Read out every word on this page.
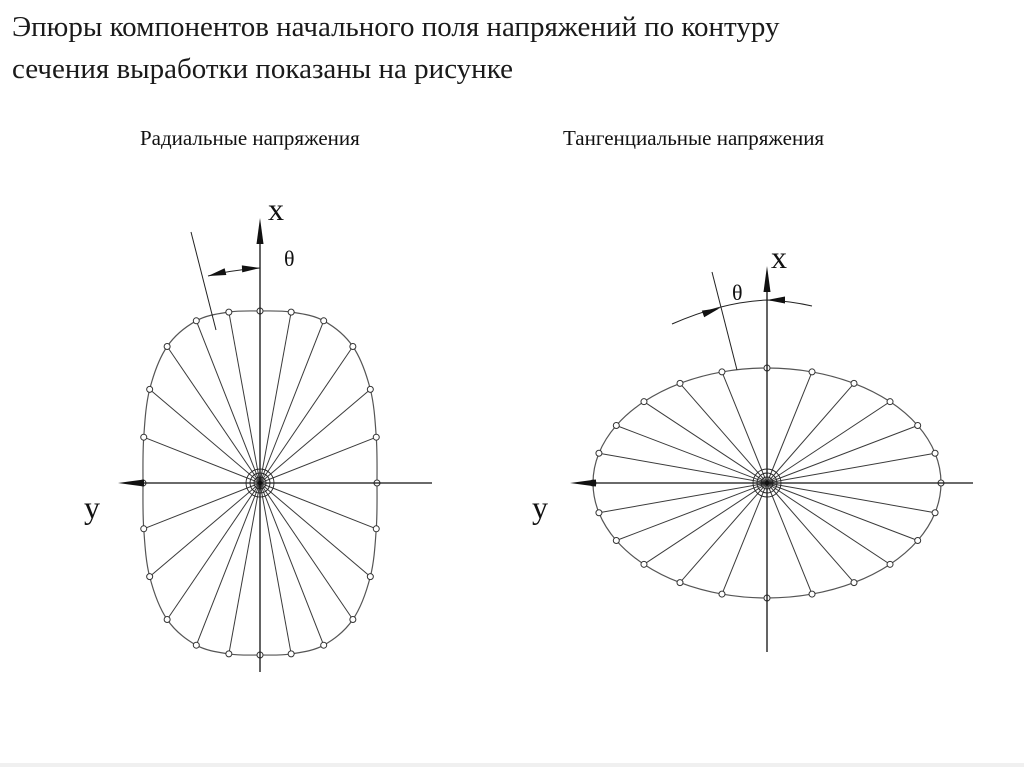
Эпюры компонентов начального поля напряжений по контуру
сечения выработки показаны на рисунке
Радиальные напряжения	Тангенциальные напряжения
x
y
θ	x
y
θ
